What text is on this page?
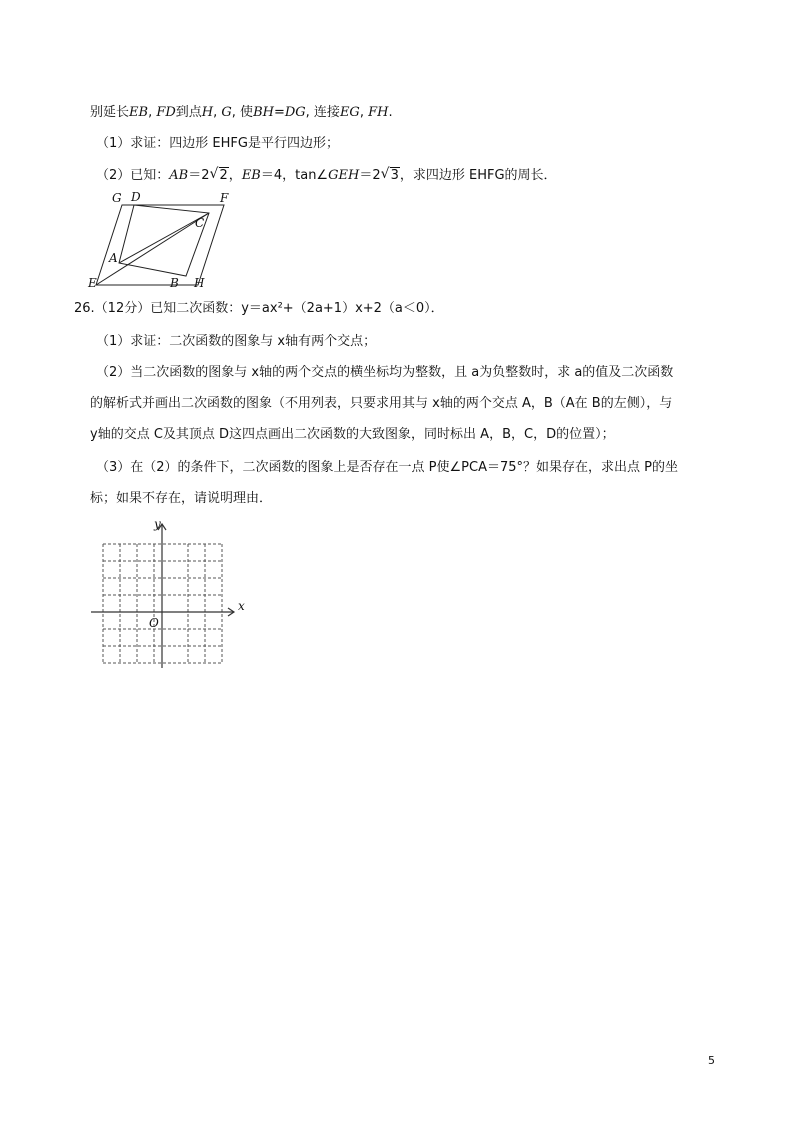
别延长EB, FD到点H, G, 使BH=DG, 连接EG, FH.
（1）求证：四边形 EHFG是平行四边形；
（2）已知：AB＝2 √ 2，EB＝4，tan∠GEH＝2 √ 3，求四边形 EHFG的周长．
G D	F
C
A
E	B H
26.（12分）已知二次函数：y＝ax²+（2a+1）x+2（a＜0）．
（1）求证：二次函数的图象与 x轴有两个交点；
（2）当二次函数的图象与 x轴的两个交点的横坐标均为整数，且 a为负整数时，求 a的值及二次函数
的解析式并画出二次函数的图象（不用列表，只要求用其与 x轴的两个交点 A，B（A在 B的左侧），与
y轴的交点 C及其顶点 D这四点画出二次函数的大致图象，同时标出 A，B，C，D的位置）；
（3）在（2）的条件下，二次函数的图象上是否存在一点 P使∠PCA＝75°？如果存在，求出点 P的坐
标；如果不存在，请说明理由．
y
x
O
5
